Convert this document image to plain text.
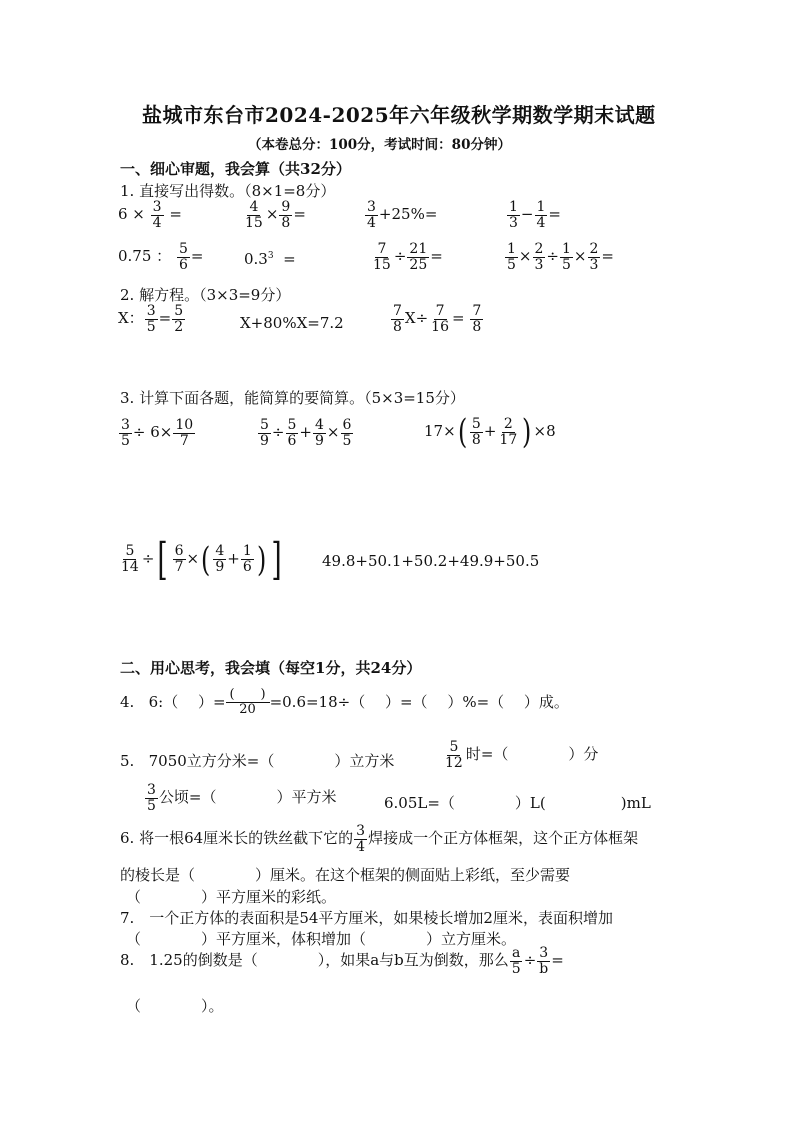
盐城市东台市2024-2025年六年级秋学期数学期末试题
（本卷总分：100分，考试时间：80分钟）
一、细心审题，我会算（共32分）
1. 直接写出得数。（8×1=8分）
$6 \times \frac{3}{4}$ =	$\frac{4}{15} \times \frac{9}{8}$ =	$\frac{3}{4} +25\%=$	$\frac{1}{3} - \frac{1}{4}$ =
0.75 ： $\frac{5}{6}$ =	$0.3^3$ =	$\frac{7}{15} \div \frac{21}{25}$ =	$\frac{1}{5} \times \frac{2}{3} \div \frac{1}{5} \times \frac{2}{3}$ =
2. 解方程。（3×3=9分）
X： $\frac{3}{5} = \frac{5}{2}$	X+80%X=7.2	$\frac{7}{8} X\div \frac{7}{16} = \frac{7}{8}$
3. 计算下面各题，能简算的要简算。（5×3=15分）
$\frac{3}{5} \div 6\times \frac{10}{7}$	$\frac{5}{9} \div \frac{5}{6} + \frac{4}{9} \times \frac{6}{5}$	$17\times( \frac{5}{8} + \frac{2}{17}$ ) ×8
$\frac{5}{14}$ ÷[ $\frac{6}{7}$ ×( $\frac{4}{9} + \frac{1}{6}$ ) ]	49.8+50.1+50.2+49.9+50.5
二、用心思考，我会填（每空1分，共24分）
4. 6:（　 ）= (　　)
20 =0.6=18÷（　 ）=（　 ）%=（　 ）成。
5. 7050立方分米=（　　　　）立方米	$\frac{5}{12}$ 时=（　　　　）分
$\frac{3}{5}$ 公顷=（　　　　）平方米	6.05L=（　　　　）L(　　　　　)mL
6. 将一根64厘米长的铁丝截下它的 $\frac{3}{4}$ 焊接成一个正方体框架，这个正方体框架
的棱长是（　　　　）厘米。在这个框架的侧面贴上彩纸，至少需要
（　　　　）平方厘米的彩纸。
7.　一个正方体的表面积是54平方厘米，如果棱长增加2厘米，表面积增加
（　　　　）平方厘米，体积增加（　　　　）立方厘米。
8.　1.25的倒数是（　　　　），如果a与b互为倒数，那么 $\frac{a}{5} \div \frac{3}{b}$ =
（　　　　）。
